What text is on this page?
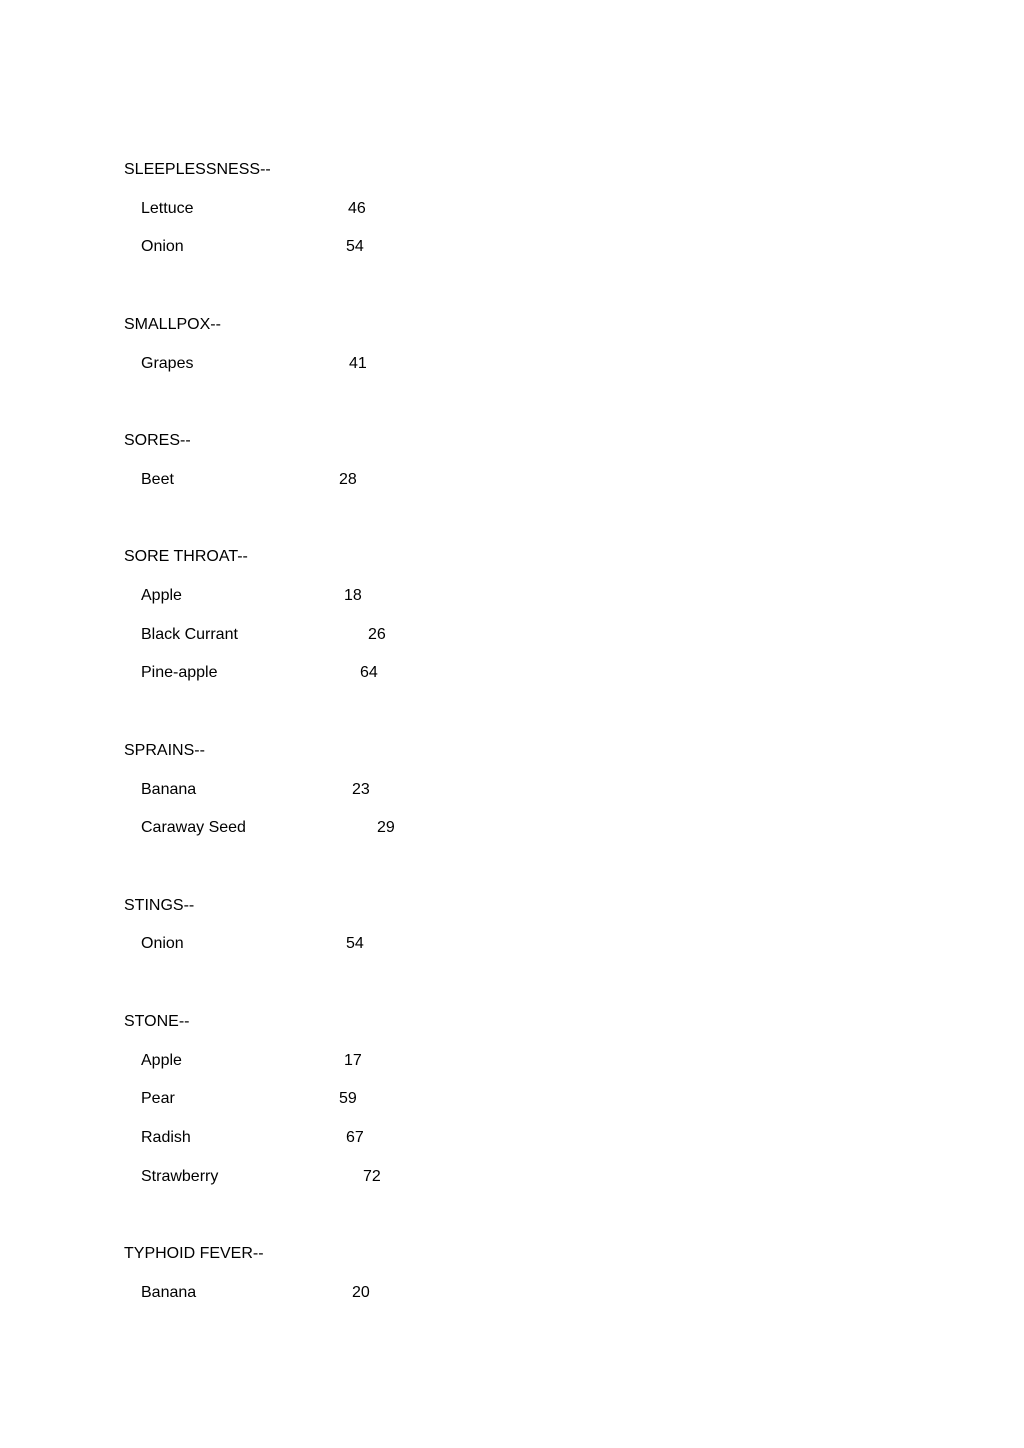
SLEEPLESSNESS--
Lettuce	46
Onion	54
SMALLPOX--
Grapes	41
SORES--
Beet	28
SORE THROAT--
Apple	18
Black Currant	26
Pine-apple	64
SPRAINS--
Banana	23
Caraway Seed	29
STINGS--
Onion	54
STONE--
Apple	17
Pear	59
Radish	67
Strawberry	72
TYPHOID FEVER--
Banana	20
